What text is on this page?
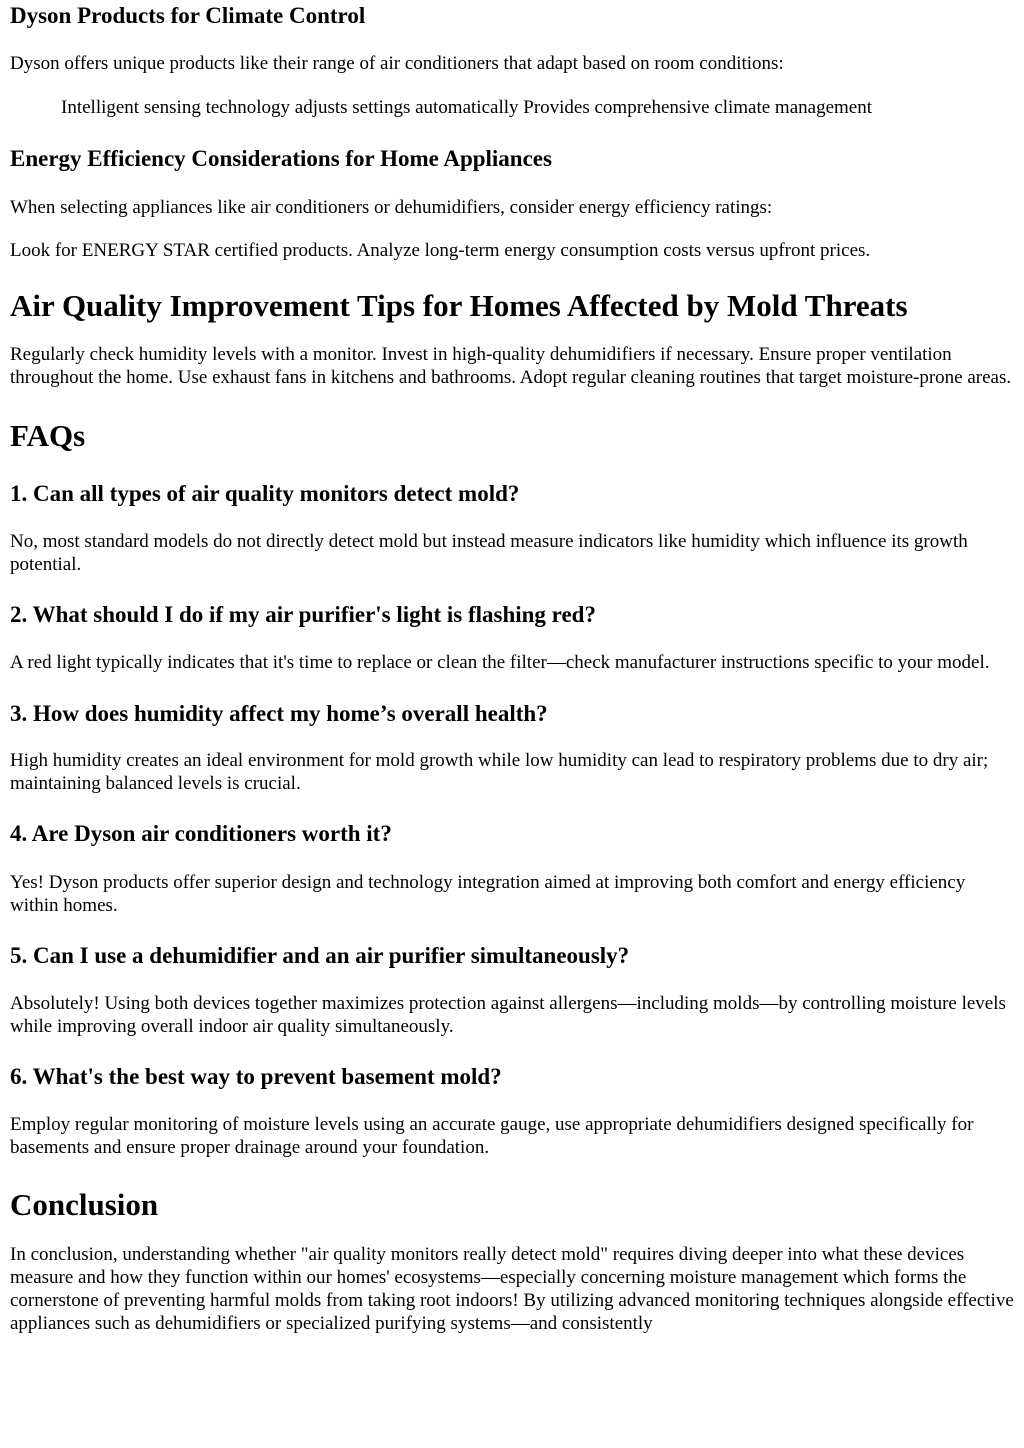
Dyson Products for Climate Control

Dyson offers unique products like their range of air conditioners that adapt based on room conditions:

Intelligent sensing technology adjusts settings automatically Provides comprehensive climate management
Energy Efficiency Considerations for Home Appliances

When selecting appliances like air conditioners or dehumidifiers, consider energy efficiency ratings:

Look for ENERGY STAR certified products. Analyze long-term energy consumption costs versus upfront prices.

Air Quality Improvement Tips for Homes Affected by Mold Threats

Regularly check humidity levels with a monitor. Invest in high-quality dehumidifiers if necessary. Ensure proper ventilation throughout the home. Use exhaust fans in kitchens and bathrooms. Adopt regular cleaning routines that target moisture-prone areas.

FAQs
1. Can all types of air quality monitors detect mold?

No, most standard models do not directly detect mold but instead measure indicators like humidity which influence its growth potential.

2. What should I do if my air purifier's light is flashing red?

A red light typically indicates that it's time to replace or clean the filter—check manufacturer instructions specific to your model.

3. How does humidity affect my home’s overall health?

High humidity creates an ideal environment for mold growth while low humidity can lead to respiratory problems due to dry air; maintaining balanced levels is crucial.

4. Are Dyson air conditioners worth it?

Yes! Dyson products offer superior design and technology integration aimed at improving both comfort and energy efficiency within homes.

5. Can I use a dehumidifier and an air purifier simultaneously?

Absolutely! Using both devices together maximizes protection against allergens—including molds—by controlling moisture levels while improving overall indoor air quality simultaneously.

6. What's the best way to prevent basement mold?

Employ regular monitoring of moisture levels using an accurate gauge, use appropriate dehumidifiers designed specifically for basements and ensure proper drainage around your foundation.

Conclusion

In conclusion, understanding whether "air quality monitors really detect mold" requires diving deeper into what these devices measure and how they function within our homes' ecosystems—especially concerning moisture management which forms the cornerstone of preventing harmful molds from taking root indoors! By utilizing advanced monitoring techniques alongside effective appliances such as dehumidifiers or specialized purifying systems—and consistently
